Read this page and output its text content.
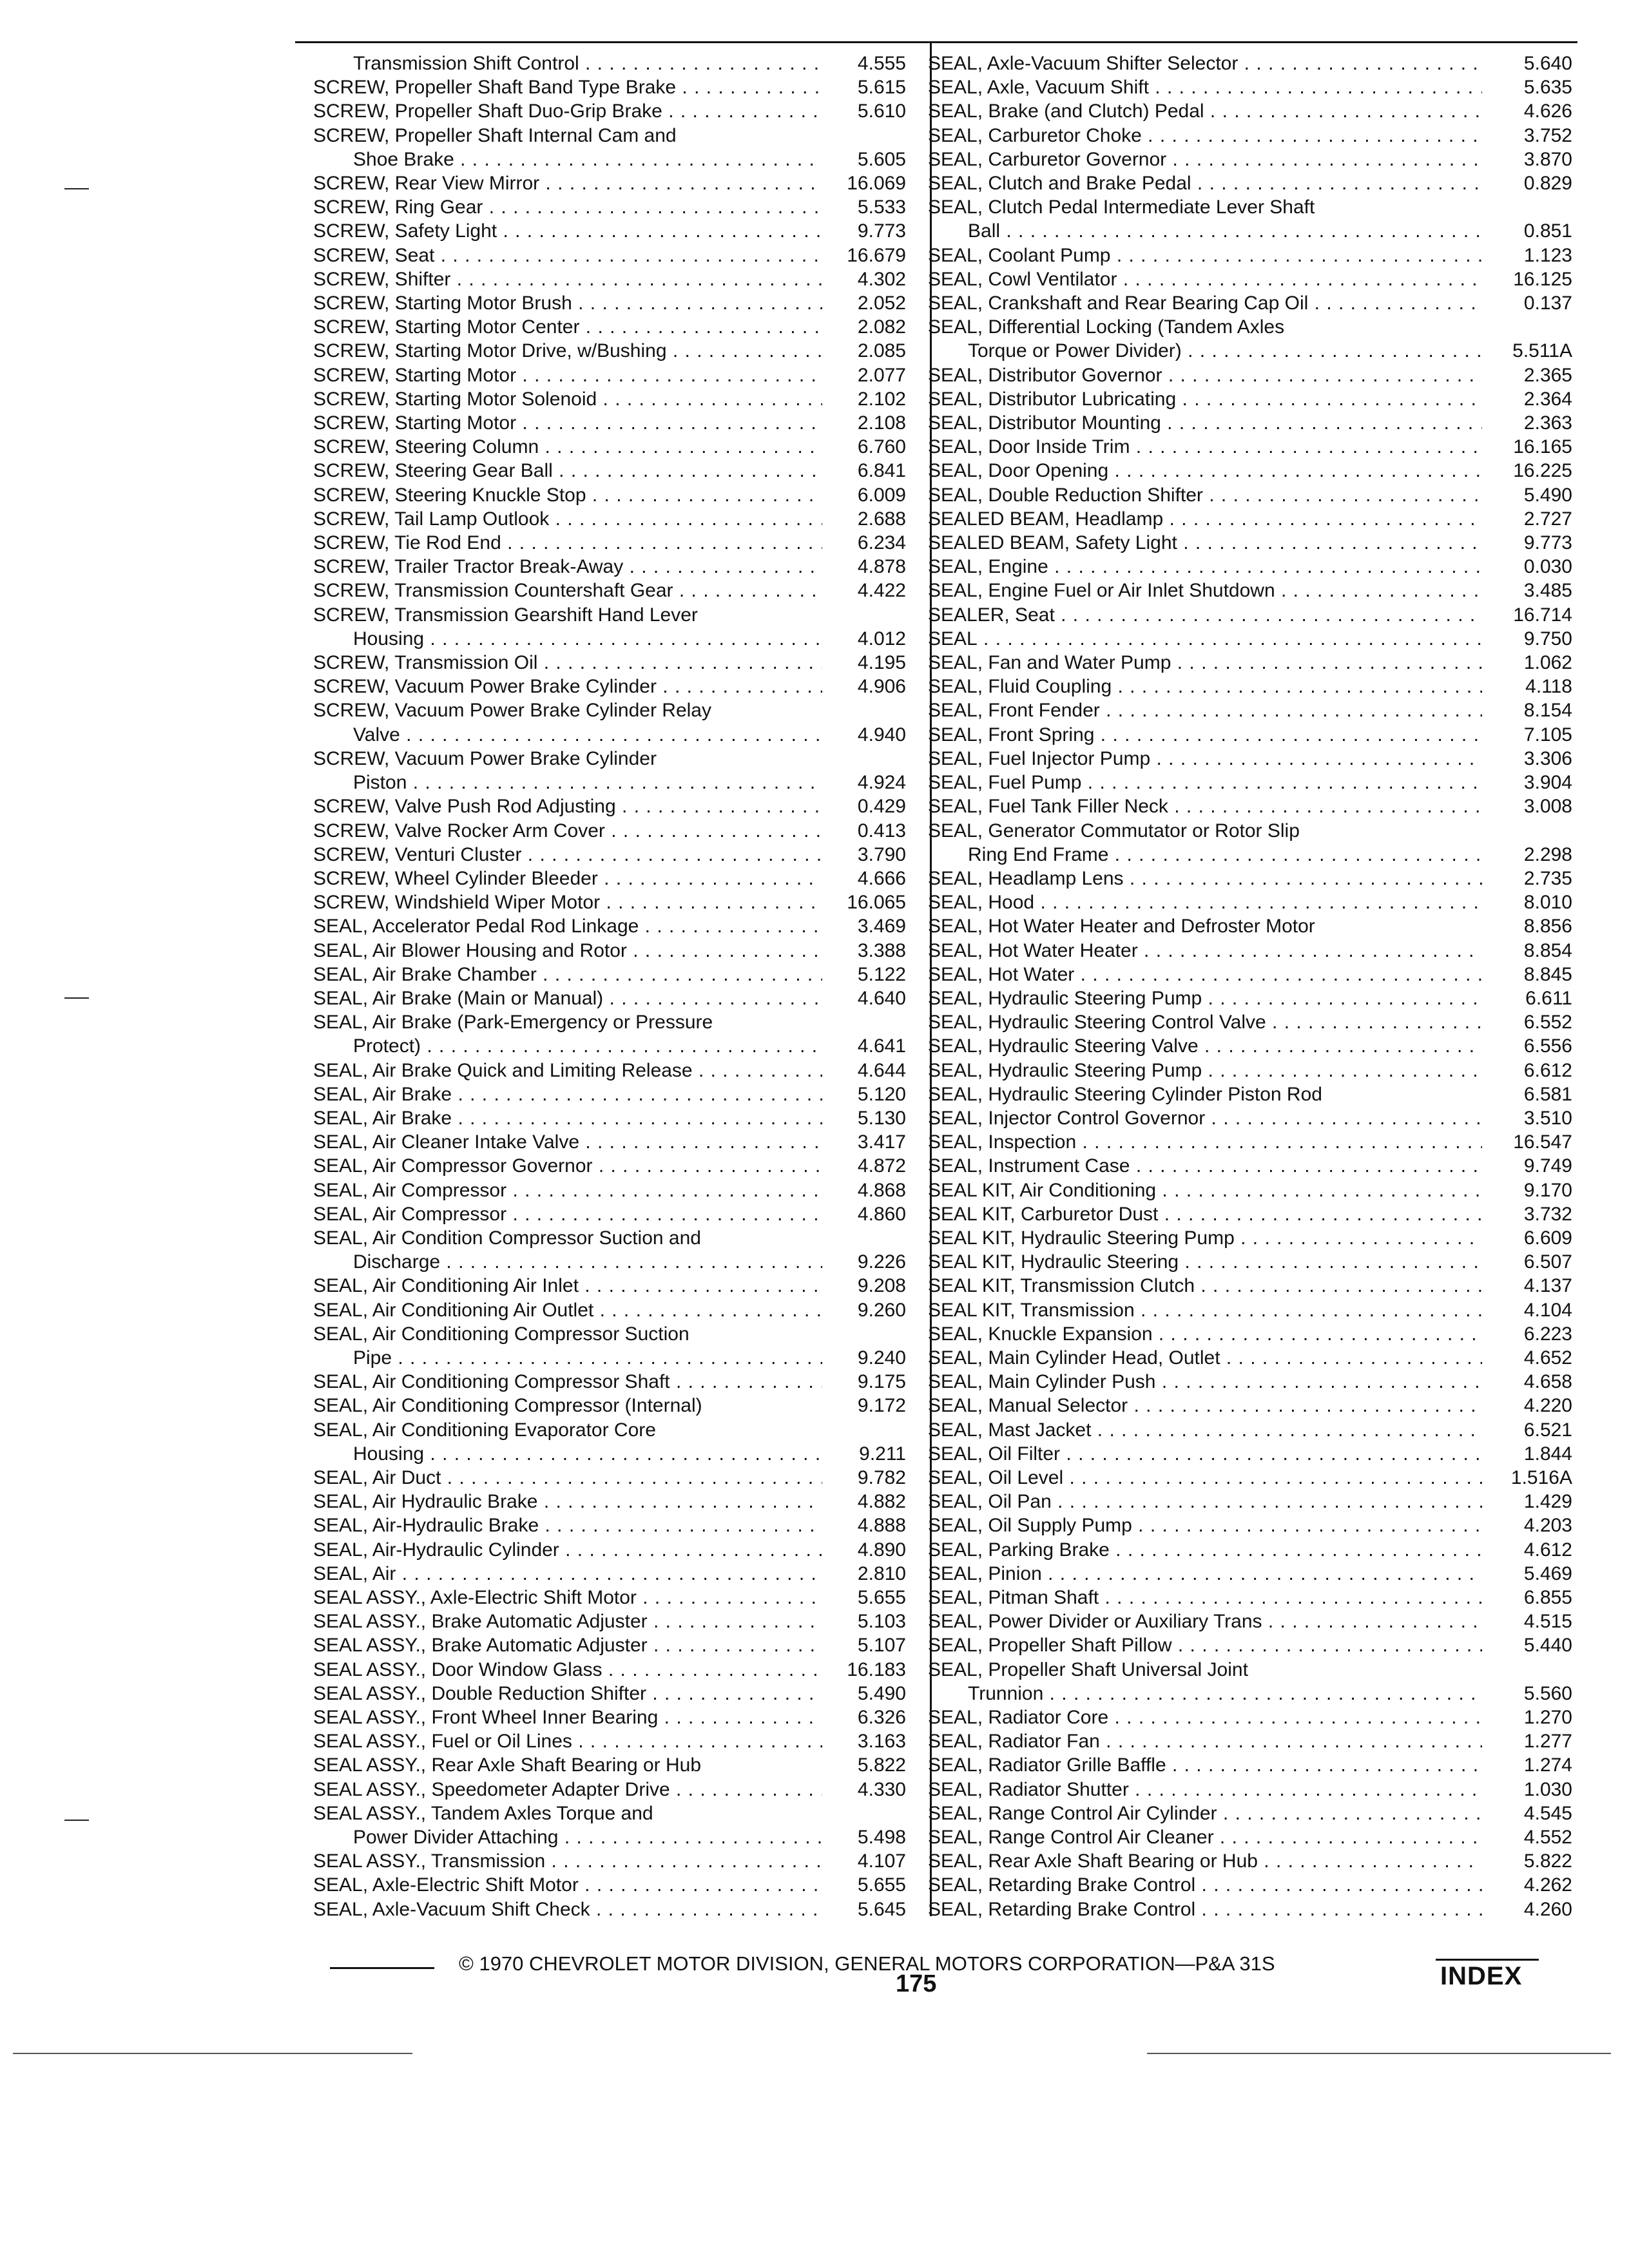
Transmission Shift Control . . .	4.555
SCREW, Propeller Shaft Band Type Brake . . .	5.615
SCREW, Propeller Shaft Duo-Grip Brake . . .	5.610
SCREW, Propeller Shaft Internal Cam and
Shoe Brake . . .	5.605
SCREW, Rear View Mirror . . .	16.069
SCREW, Ring Gear . . .	5.533
SCREW, Safety Light . . .	9.773
SCREW, Seat . . .	16.679
SCREW, Shifter . . .	4.302
SCREW, Starting Motor Brush . . .	2.052
SCREW, Starting Motor Center . . .	2.082
SCREW, Starting Motor Drive, w/Bushing . . .	2.085
SCREW, Starting Motor . . .	2.077
SCREW, Starting Motor Solenoid . . .	2.102
SCREW, Starting Motor . . .	2.108
SCREW, Steering Column . . .	6.760
SCREW, Steering Gear Ball . . .	6.841
SCREW, Steering Knuckle Stop . . .	6.009
SCREW, Tail Lamp Outlook . . .	2.688
SCREW, Tie Rod End . . .	6.234
SCREW, Trailer Tractor Break-Away . . .	4.878
SCREW, Transmission Countershaft Gear . . .	4.422
SCREW, Transmission Gearshift Hand Lever
Housing . . .	4.012
SCREW, Transmission Oil . . .	4.195
SCREW, Vacuum Power Brake Cylinder . . .	4.906
SCREW, Vacuum Power Brake Cylinder Relay
Valve . . .	4.940
SCREW, Vacuum Power Brake Cylinder
Piston . . .	4.924
SCREW, Valve Push Rod Adjusting . . .	0.429
SCREW, Valve Rocker Arm Cover . . .	0.413
SCREW, Venturi Cluster . . .	3.790
SCREW, Wheel Cylinder Bleeder . . .	4.666
SCREW, Windshield Wiper Motor . . .	16.065
SEAL, Accelerator Pedal Rod Linkage . . .	3.469
SEAL, Air Blower Housing and Rotor . . .	3.388
SEAL, Air Brake Chamber . . .	5.122
SEAL, Air Brake (Main or Manual) . . .	4.640
SEAL, Air Brake (Park-Emergency or Pressure
Protect) . . .	4.641
SEAL, Air Brake Quick and Limiting Release . . .	4.644
SEAL, Air Brake . . .	5.120
SEAL, Air Brake . . .	5.130
SEAL, Air Cleaner Intake Valve . . .	3.417
SEAL, Air Compressor Governor . . .	4.872
SEAL, Air Compressor . . .	4.868
SEAL, Air Compressor . . .	4.860
SEAL, Air Condition Compressor Suction and
Discharge . . .	9.226
SEAL, Air Conditioning Air Inlet . . .	9.208
SEAL, Air Conditioning Air Outlet . . .	9.260
SEAL, Air Conditioning Compressor Suction
Pipe . . .	9.240
SEAL, Air Conditioning Compressor Shaft . . .	9.175
SEAL, Air Conditioning Compressor (Internal)	9.172
SEAL, Air Conditioning Evaporator Core
Housing . . .	9.211
SEAL, Air Duct . . .	9.782
SEAL, Air Hydraulic Brake . . .	4.882
SEAL, Air-Hydraulic Brake . . .	4.888
SEAL, Air-Hydraulic Cylinder . . .	4.890
SEAL, Air . . .	2.810
SEAL ASSY., Axle-Electric Shift Motor . . .	5.655
SEAL ASSY., Brake Automatic Adjuster . . .	5.103
SEAL ASSY., Brake Automatic Adjuster . . .	5.107
SEAL ASSY., Door Window Glass . . .	16.183
SEAL ASSY., Double Reduction Shifter . . .	5.490
SEAL ASSY., Front Wheel Inner Bearing . . .	6.326
SEAL ASSY., Fuel or Oil Lines . . .	3.163
SEAL ASSY., Rear Axle Shaft Bearing or Hub	5.822
SEAL ASSY., Speedometer Adapter Drive . . .	4.330
SEAL ASSY., Tandem Axles Torque and
Power Divider Attaching . . .	5.498
SEAL ASSY., Transmission . . .	4.107
SEAL, Axle-Electric Shift Motor . . .	5.655
SEAL, Axle-Vacuum Shift Check . . .	5.645
SEAL, Axle-Vacuum Shifter Selector . . .	5.640
SEAL, Axle, Vacuum Shift . . .	5.635
SEAL, Brake (and Clutch) Pedal . . .	4.626
SEAL, Carburetor Choke . . .	3.752
SEAL, Carburetor Governor . . .	3.870
SEAL, Clutch and Brake Pedal . . .	0.829
SEAL, Clutch Pedal Intermediate Lever Shaft
Ball . . .	0.851
SEAL, Coolant Pump . . .	1.123
SEAL, Cowl Ventilator . . .	16.125
SEAL, Crankshaft and Rear Bearing Cap Oil . . .	0.137
SEAL, Differential Locking (Tandem Axles
Torque or Power Divider) . . .	5.511A
SEAL, Distributor Governor . . .	2.365
SEAL, Distributor Lubricating . . .	2.364
SEAL, Distributor Mounting . . .	2.363
SEAL, Door Inside Trim . . .	16.165
SEAL, Door Opening . . .	16.225
SEAL, Double Reduction Shifter . . .	5.490
SEALED BEAM, Headlamp . . .	2.727
SEALED BEAM, Safety Light . . .	9.773
SEAL, Engine . . .	0.030
SEAL, Engine Fuel or Air Inlet Shutdown . . .	3.485
SEALER, Seat . . .	16.714
SEAL . . .	9.750
SEAL, Fan and Water Pump . . .	1.062
SEAL, Fluid Coupling . . .	4.118
SEAL, Front Fender . . .	8.154
SEAL, Front Spring . . .	7.105
SEAL, Fuel Injector Pump . . .	3.306
SEAL, Fuel Pump . . .	3.904
SEAL, Fuel Tank Filler Neck . . .	3.008
SEAL, Generator Commutator or Rotor Slip
Ring End Frame . . .	2.298
SEAL, Headlamp Lens . . .	2.735
SEAL, Hood . . .	8.010
SEAL, Hot Water Heater and Defroster Motor	8.856
SEAL, Hot Water Heater . . .	8.854
SEAL, Hot Water . . .	8.845
SEAL, Hydraulic Steering Pump . . .	6.611
SEAL, Hydraulic Steering Control Valve . . .	6.552
SEAL, Hydraulic Steering Valve . . .	6.556
SEAL, Hydraulic Steering Pump . . .	6.612
SEAL, Hydraulic Steering Cylinder Piston Rod	6.581
SEAL, Injector Control Governor . . .	3.510
SEAL, Inspection . . .	16.547
SEAL, Instrument Case . . .	9.749
SEAL KIT, Air Conditioning . . .	9.170
SEAL KIT, Carburetor Dust . . .	3.732
SEAL KIT, Hydraulic Steering Pump . . .	6.609
SEAL KIT, Hydraulic Steering . . .	6.507
SEAL KIT, Transmission Clutch . . .	4.137
SEAL KIT, Transmission . . .	4.104
SEAL, Knuckle Expansion . . .	6.223
SEAL, Main Cylinder Head, Outlet . . .	4.652
SEAL, Main Cylinder Push . . .	4.658
SEAL, Manual Selector . . .	4.220
SEAL, Mast Jacket . . .	6.521
SEAL, Oil Filter . . .	1.844
SEAL, Oil Level . . .	1.516A
SEAL, Oil Pan . . .	1.429
SEAL, Oil Supply Pump . . .	4.203
SEAL, Parking Brake . . .	4.612
SEAL, Pinion . . .	5.469
SEAL, Pitman Shaft . . .	6.855
SEAL, Power Divider or Auxiliary Trans . . .	4.515
SEAL, Propeller Shaft Pillow . . .	5.440
SEAL, Propeller Shaft Universal Joint
Trunnion . . .	5.560
SEAL, Radiator Core . . .	1.270
SEAL, Radiator Fan . . .	1.277
SEAL, Radiator Grille Baffle . . .	1.274
SEAL, Radiator Shutter . . .	1.030
SEAL, Range Control Air Cylinder . . .	4.545
SEAL, Range Control Air Cleaner . . .	4.552
SEAL, Rear Axle Shaft Bearing or Hub . . .	5.822
SEAL, Retarding Brake Control . . .	4.262
SEAL, Retarding Brake Control . . .	4.260
© 1970 CHEVROLET MOTOR DIVISION, GENERAL MOTORS CORPORATION—P&A 31S
175	INDEX
